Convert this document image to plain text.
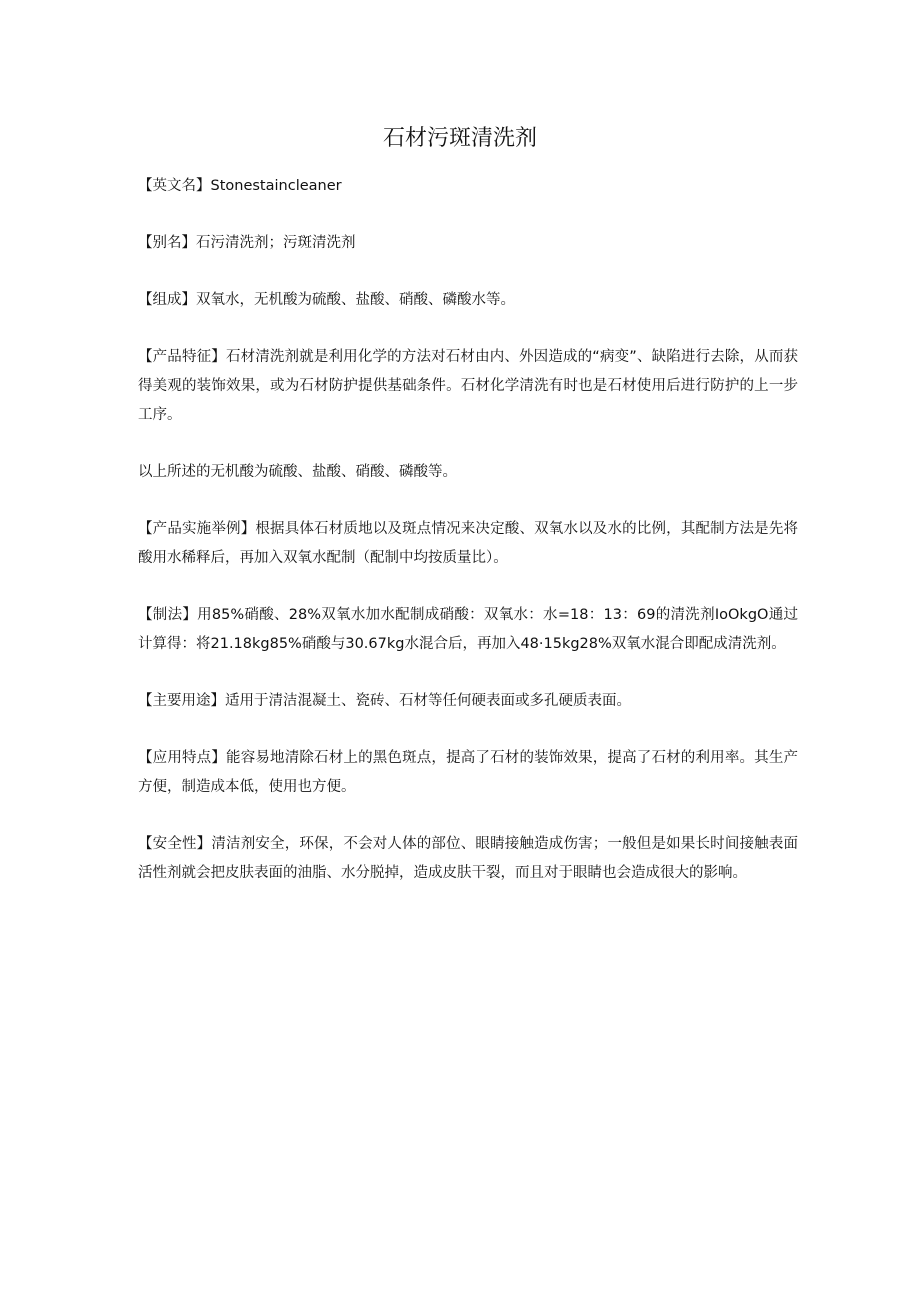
石材污斑清洗剂

【英文名】Stonestaincleaner

【别名】石污清洗剂；污斑清洗剂

【组成】双氧水，无机酸为硫酸、盐酸、硝酸、磷酸水等。

【产品特征】石材清洗剂就是利用化学的方法对石材由内、外因造成的“病变”、缺陷进行去除，从而获得美观的装饰效果，或为石材防护提供基础条件。石材化学清洗有时也是石材使用后进行防护的上一步工序。

以上所述的无机酸为硫酸、盐酸、硝酸、磷酸等。

【产品实施举例】根据具体石材质地以及斑点情况来决定酸、双氧水以及水的比例，其配制方法是先将酸用水稀释后，再加入双氧水配制（配制中均按质量比）。

【制法】用85%硝酸、28%双氧水加水配制成硝酸：双氧水：水=18：13：69的清洗剂IoOkgO通过计算得：将21.18kg85%硝酸与30.67kg水混合后，再加入48·15kg28%双氧水混合即配成清洗剂。

【主要用途】适用于清洁混凝土、瓷砖、石材等任何硬表面或多孔硬质表面。

【应用特点】能容易地清除石材上的黑色斑点，提高了石材的装饰效果，提高了石材的利用率。其生产方便，制造成本低，使用也方便。

【安全性】清洁剂安全，环保，不会对人体的部位、眼睛接触造成伤害；一般但是如果长时间接触表面活性剂就会把皮肤表面的油脂、水分脱掉，造成皮肤干裂，而且对于眼睛也会造成很大的影响。
